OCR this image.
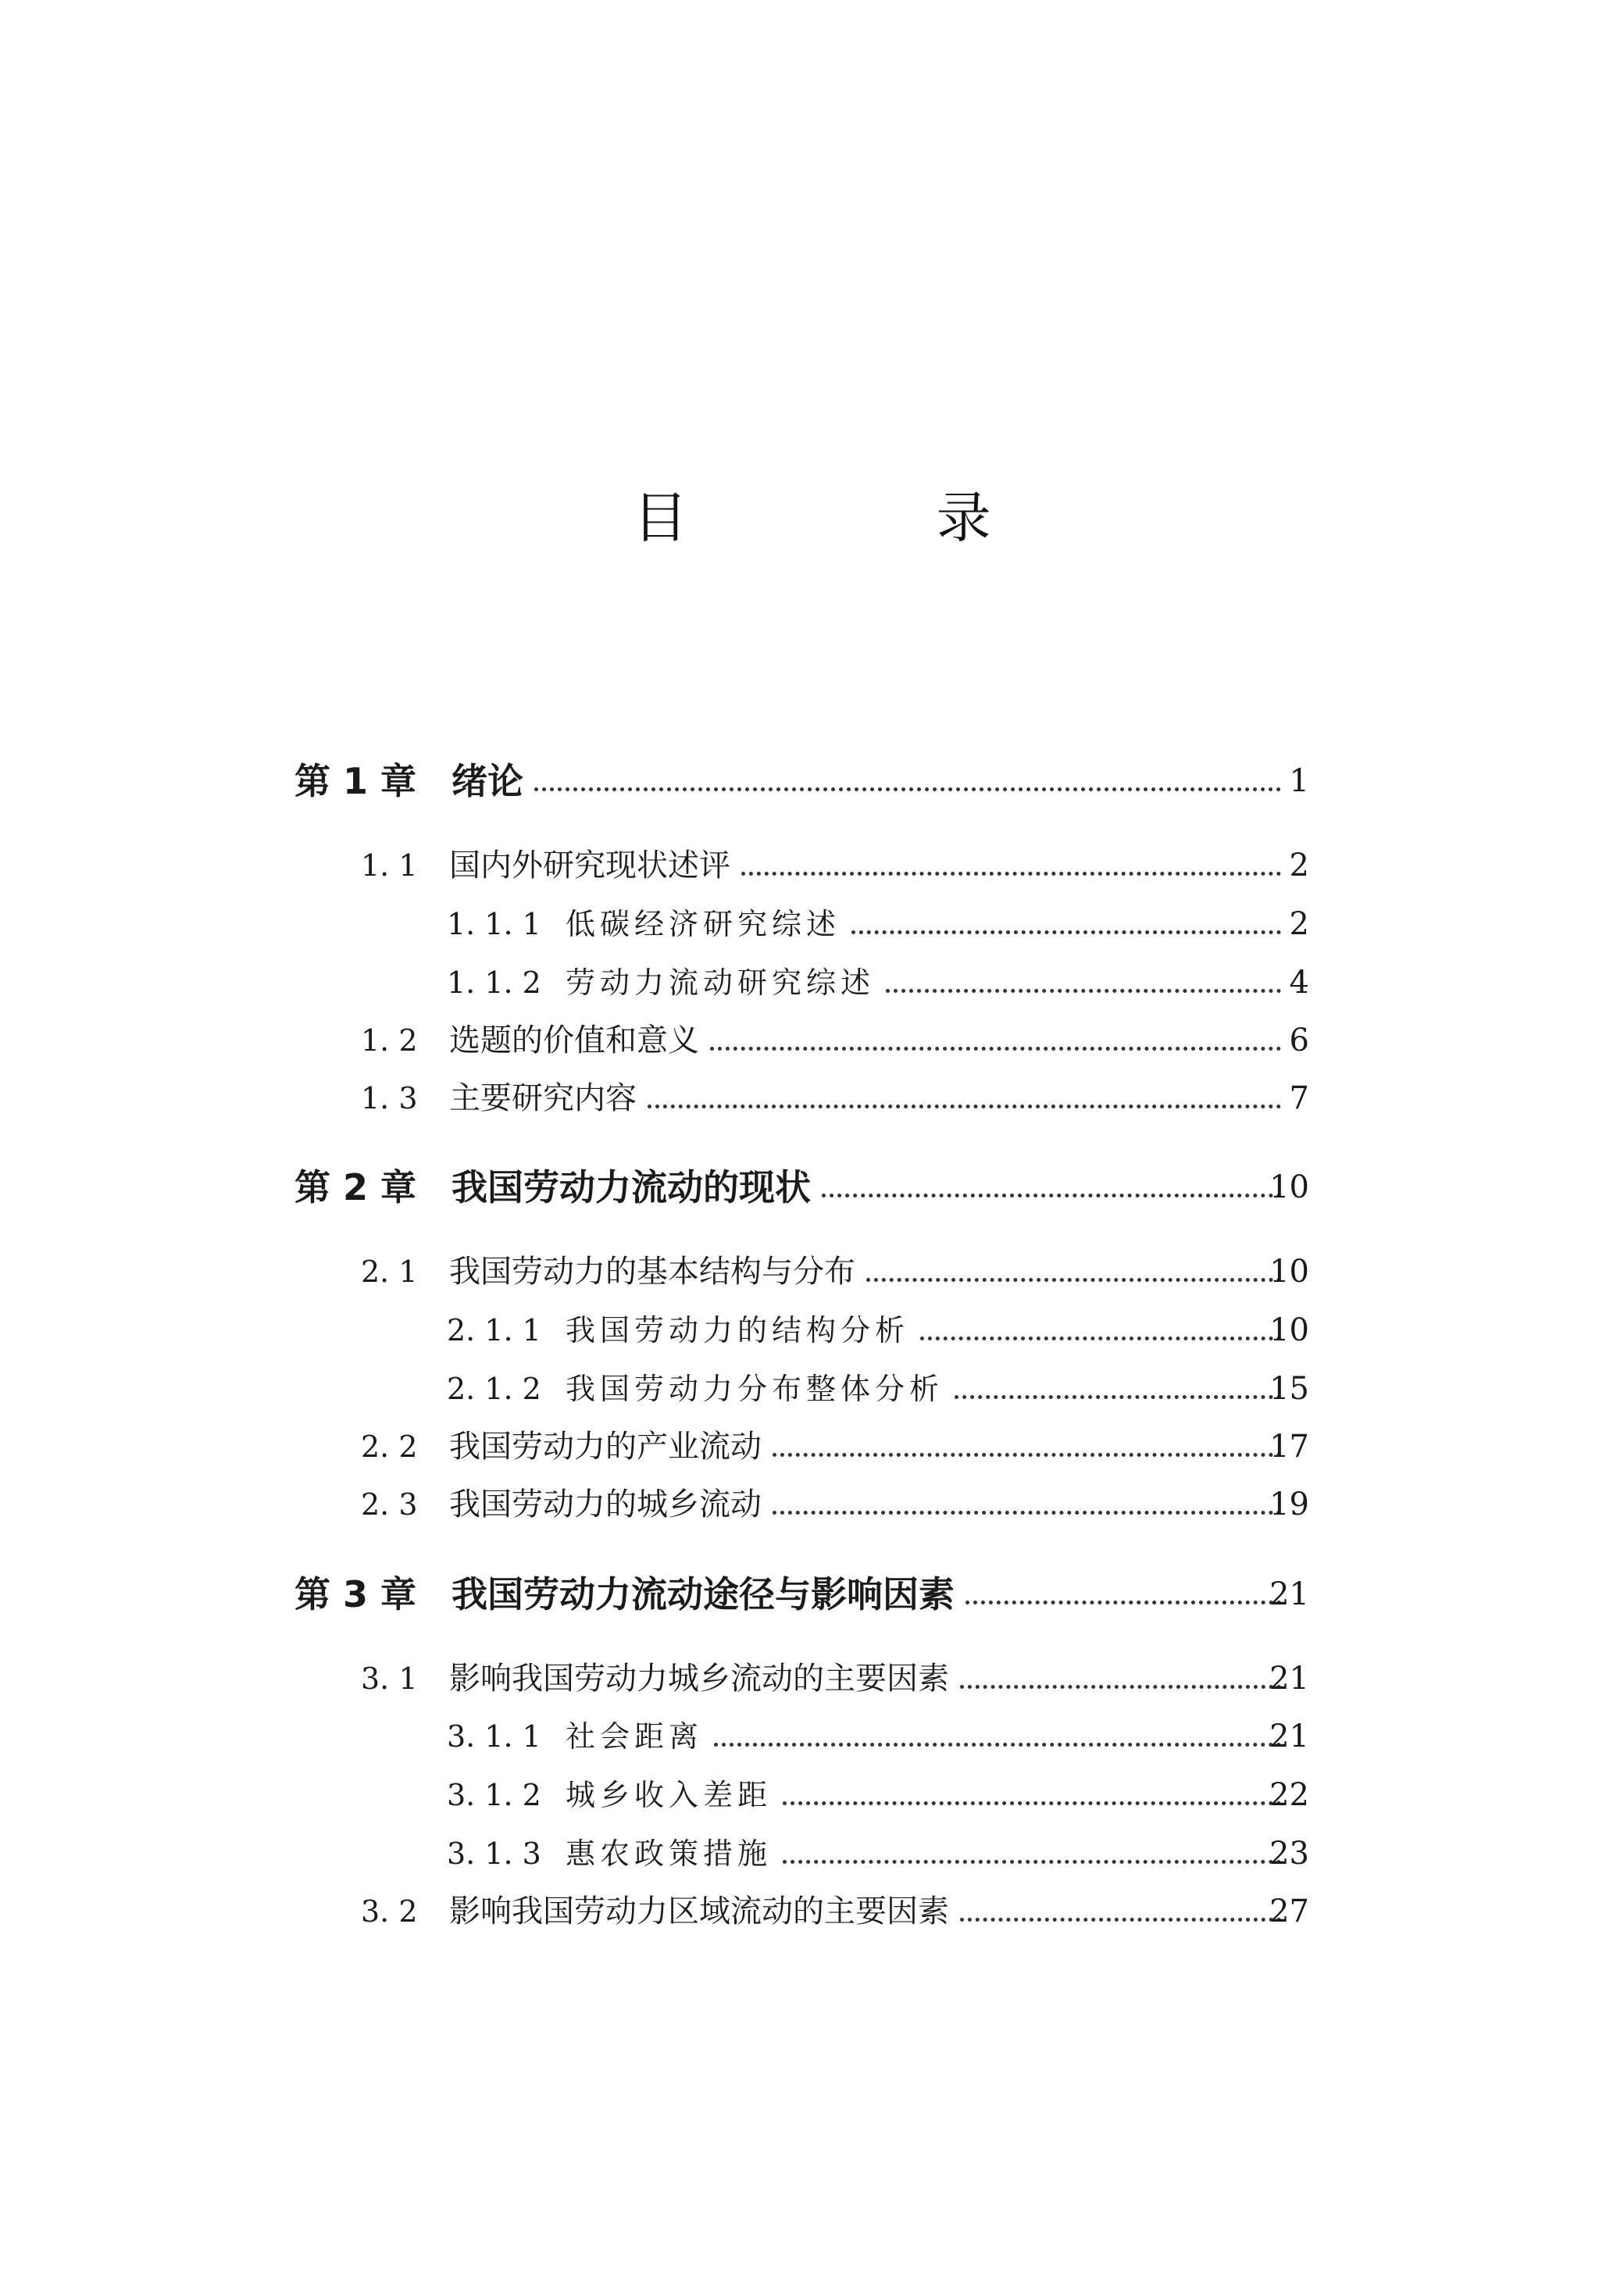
目 录
第 1 章 绪论	1
1. 1 国内外研究现状述评	2
1. 1. 1 低碳经济研究综述	2
1. 1. 2 劳动力流动研究综述	4
1. 2 选题的价值和意义	6
1. 3 主要研究内容	7
第 2 章 我国劳动力流动的现状	10
2. 1 我国劳动力的基本结构与分布	10
2. 1. 1 我国劳动力的结构分析	10
2. 1. 2 我国劳动力分布整体分析	15
2. 2 我国劳动力的产业流动	17
2. 3 我国劳动力的城乡流动	19
第 3 章 我国劳动力流动途径与影响因素	21
3. 1 影响我国劳动力城乡流动的主要因素	21
3. 1. 1 社会距离	21
3. 1. 2 城乡收入差距	22
3. 1. 3 惠农政策措施	23
3. 2 影响我国劳动力区域流动的主要因素	27
